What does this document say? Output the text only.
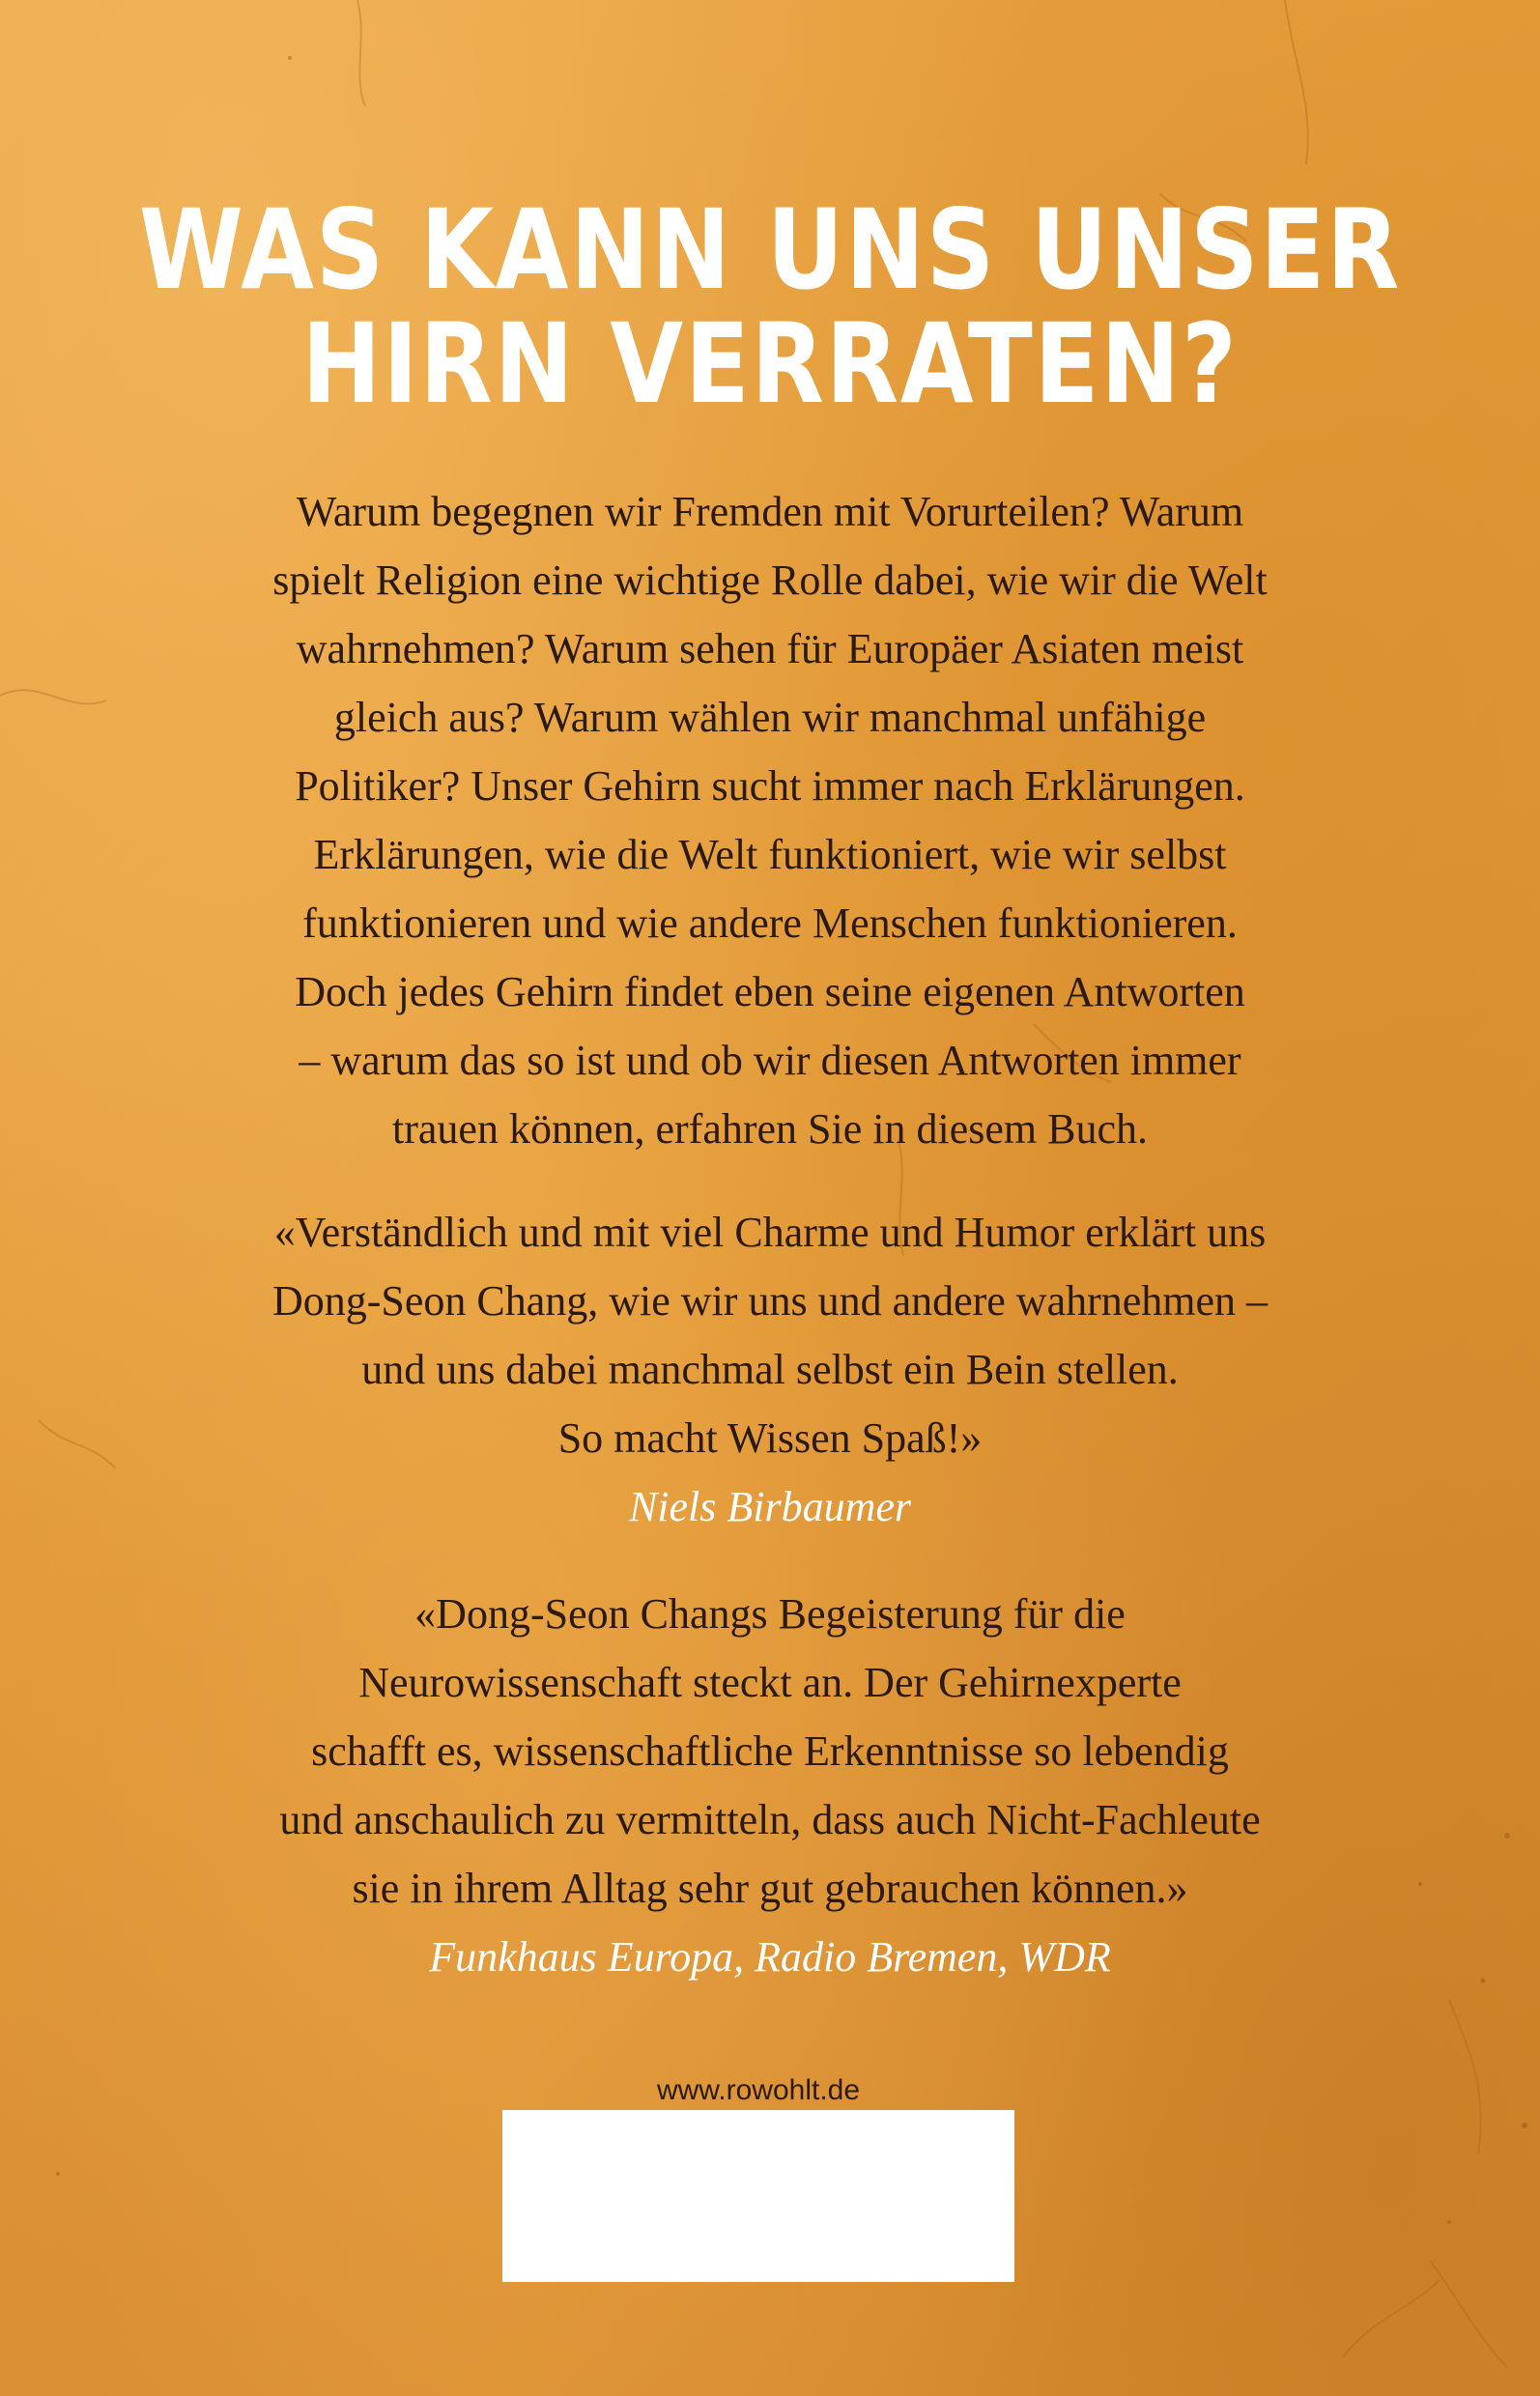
WAS KANN UNS UNSER
HIRN VERRATEN?
Warum begegnen wir Fremden mit Vorurteilen? Warum
spielt Religion eine wichtige Rolle dabei, wie wir die Welt
wahrnehmen? Warum sehen für Europäer Asiaten meist
gleich aus? Warum wählen wir manchmal unfähige
Politiker? Unser Gehirn sucht immer nach Erklärungen.
Erklärungen, wie die Welt funktioniert, wie wir selbst
funktionieren und wie andere Menschen funktionieren.
Doch jedes Gehirn findet eben seine eigenen Antworten
– warum das so ist und ob wir diesen Antworten immer
trauen können, erfahren Sie in diesem Buch.
«Verständlich und mit viel Charme und Humor erklärt uns
Dong-Seon Chang, wie wir uns und andere wahrnehmen –
und uns dabei manchmal selbst ein Bein stellen.
So macht Wissen Spaß!»
Niels Birbaumer
«Dong-Seon Changs Begeisterung für die
Neurowissenschaft steckt an. Der Gehirnexperte
schafft es, wissenschaftliche Erkenntnisse so lebendig
und anschaulich zu vermitteln, dass auch Nicht-Fachleute
sie in ihrem Alltag sehr gut gebrauchen können.»
Funkhaus Europa, Radio Bremen, WDR
www.rowohlt.de
